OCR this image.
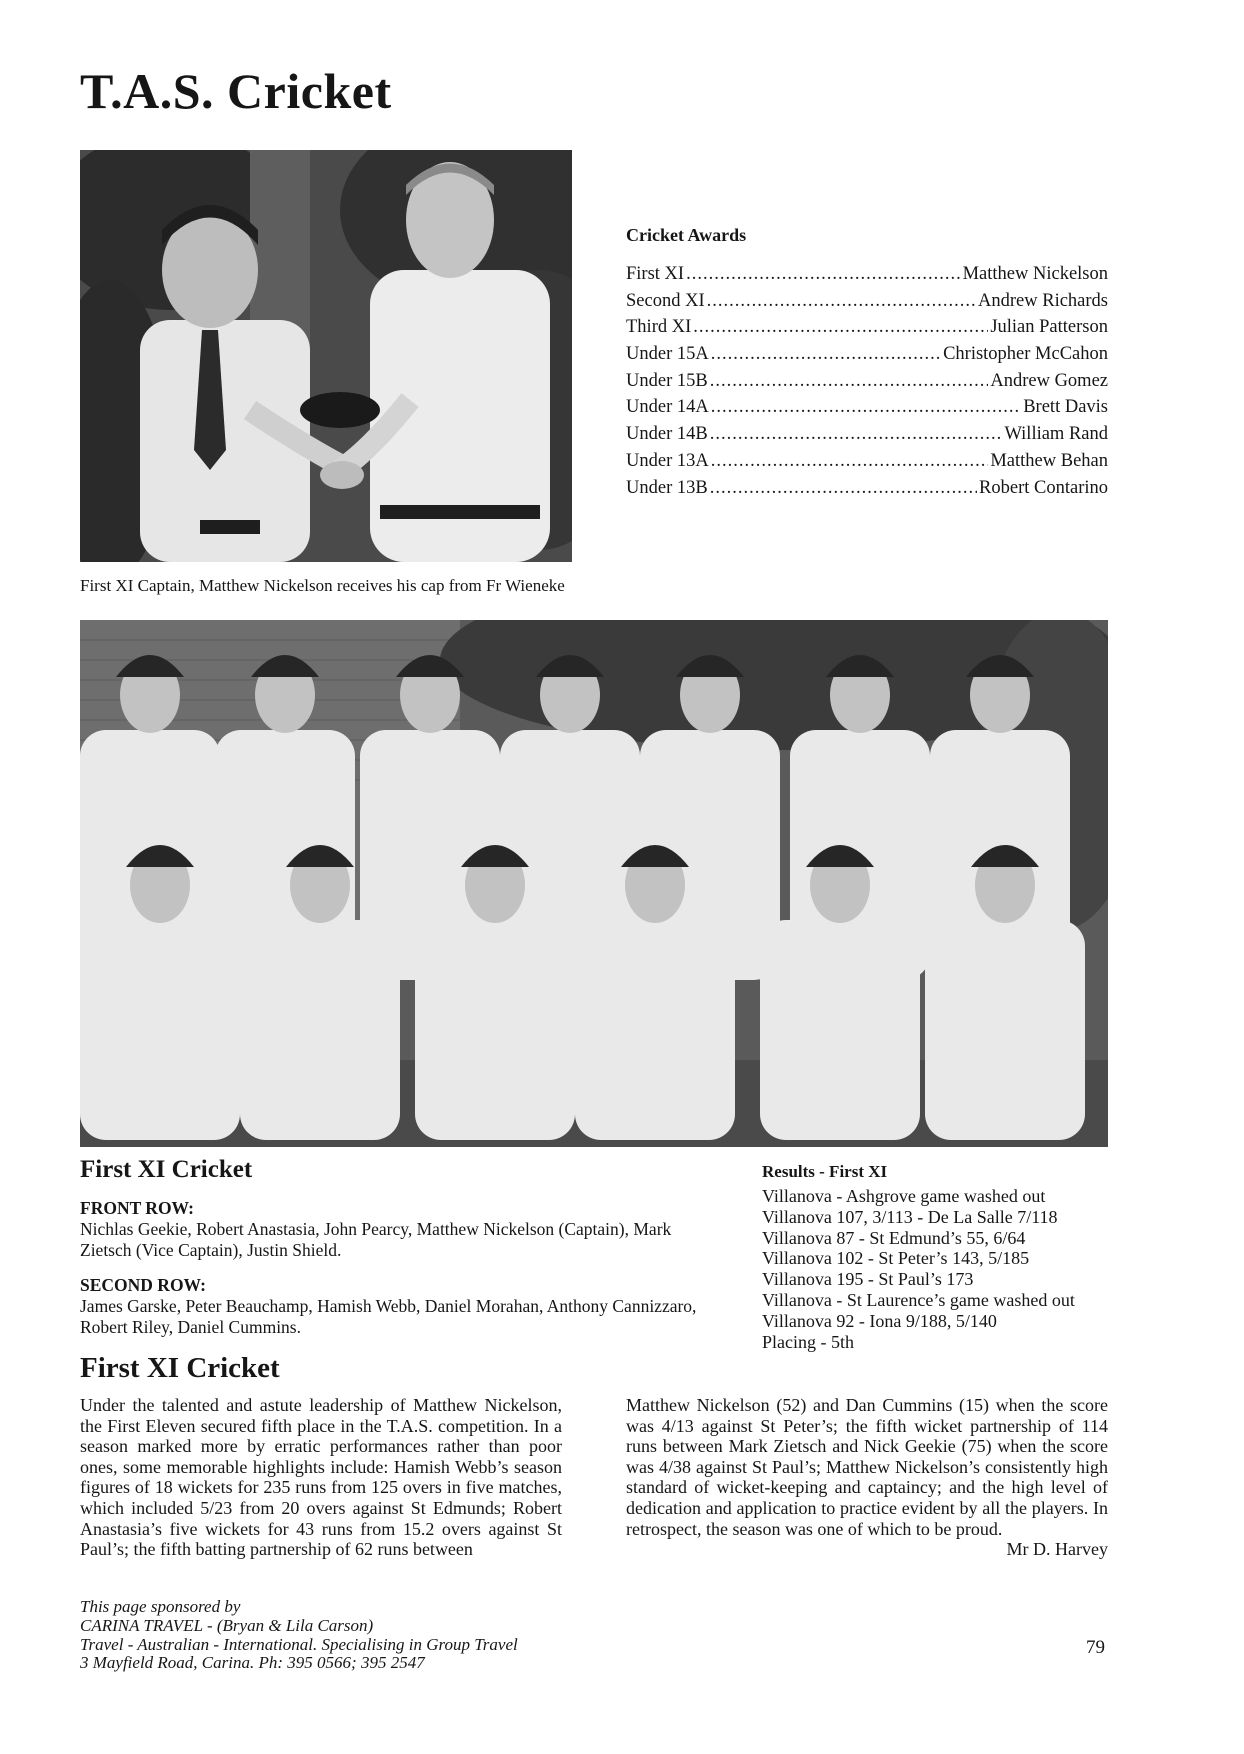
T.A.S. Cricket
First XI Captain, Matthew Nickelson receives his cap from Fr Wieneke
Cricket Awards
First XI .....	Matthew Nickelson
Second XI .....	Andrew Richards
Third XI .....	Julian Patterson
Under 15A .....	Christopher McCahon
Under 15B .....	Andrew Gomez
Under 14A .....	Brett Davis
Under 14B .....	William Rand
Under 13A .....	Matthew Behan
Under 13B .....	Robert Contarino
First XI Cricket
FRONT ROW:

Nichlas Geekie, Robert Anastasia, John Pearcy, Matthew Nickelson (Captain), Mark Zietsch (Vice Captain), Justin Shield.

SECOND ROW:

James Garske, Peter Beauchamp, Hamish Webb, Daniel Morahan, Anthony Cannizzaro, Robert Riley, Daniel Cummins.

Results - First XI
Villanova - Ashgrove game washed out
Villanova 107, 3/113 - De La Salle 7/118
Villanova 87 - St Edmund’s 55, 6/64
Villanova 102 - St Peter’s 143, 5/185
Villanova 195 - St Paul’s 173
Villanova - St Laurence’s game washed out
Villanova 92 - Iona 9/188, 5/140
Placing - 5th
First XI Cricket
Under the talented and astute leadership of Matthew Nickelson, the First Eleven secured fifth place in the T.A.S. competition. In a season marked more by erratic performances rather than poor ones, some memorable highlights include: Hamish Webb’s season figures of 18 wickets for 235 runs from 125 overs in five matches, which included 5/23 from 20 overs against St Edmunds; Robert Anastasia’s five wickets for 43 runs from 15.2 overs against St Paul’s; the fifth batting partnership of 62 runs between
Matthew Nickelson (52) and Dan Cummins (15) when the score was 4/13 against St Peter’s; the fifth wicket partnership of 114 runs between Mark Zietsch and Nick Geekie (75) when the score was 4/38 against St Paul’s; Matthew Nickelson’s consistently high standard of wicket-keeping and captaincy; and the high level of dedication and application to practice evident by all the players. In retrospect, the season was one of which to be proud.
Mr D. Harvey
This page sponsored by
CARINA TRAVEL - (Bryan & Lila Carson)
Travel - Australian - International. Specialising in Group Travel
3 Mayfield Road, Carina. Ph: 395 0566; 395 2547
79
